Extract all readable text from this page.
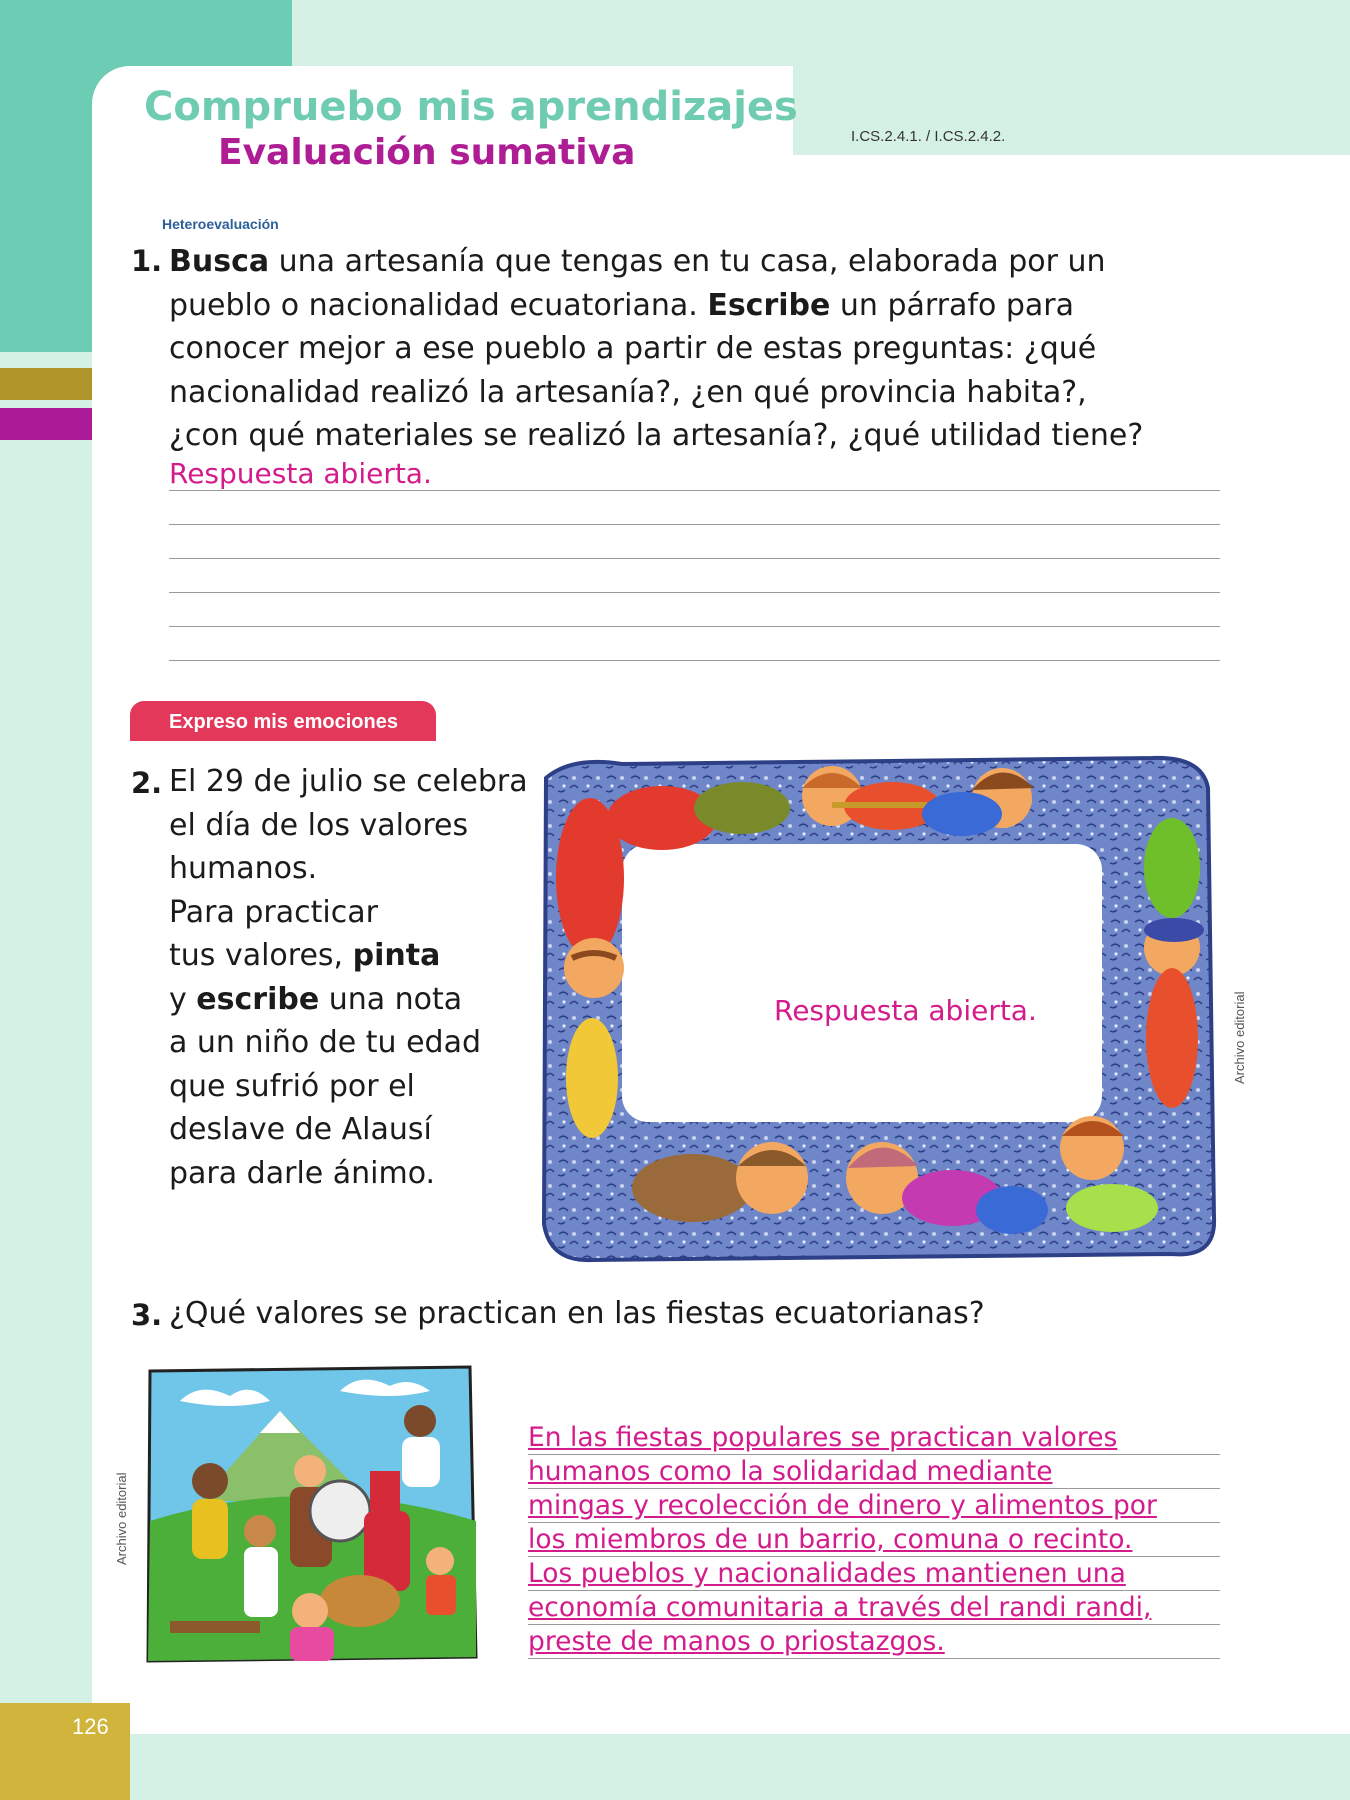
126
Compruebo mis aprendizajes
Evaluación sumativa	I.CS.2.4.1. / I.CS.2.4.2.
Heteroevaluación
1. Busca una artesanía que tengas en tu casa, elaborada por un
pueblo o nacionalidad ecuatoriana. Escribe un párrafo para
conocer mejor a ese pueblo a partir de estas preguntas: ¿qué
nacionalidad realizó la artesanía?, ¿en qué provincia habita?,
¿con qué materiales se realizó la artesanía?, ¿qué utilidad tiene?
Respuesta abierta.
Expreso mis emociones
2. El 29 de julio se celebra
el día de los valores
humanos.
Para practicar
tus valores, pinta
y escribe una nota
a un niño de tu edad
que sufrió por el
deslave de Alausí
para darle ánimo.
Respuesta abierta.	Archivo editorial
3. ¿Qué valores se practican en las fiestas ecuatorianas?
Archivo editorial
En las fiestas populares se practican valores
humanos como la solidaridad mediante
mingas y recolección de dinero y alimentos por
los miembros de un barrio, comuna o recinto.
Los pueblos y nacionalidades mantienen una
economía comunitaria a través del randi randi,
preste de manos o priostazgos.
